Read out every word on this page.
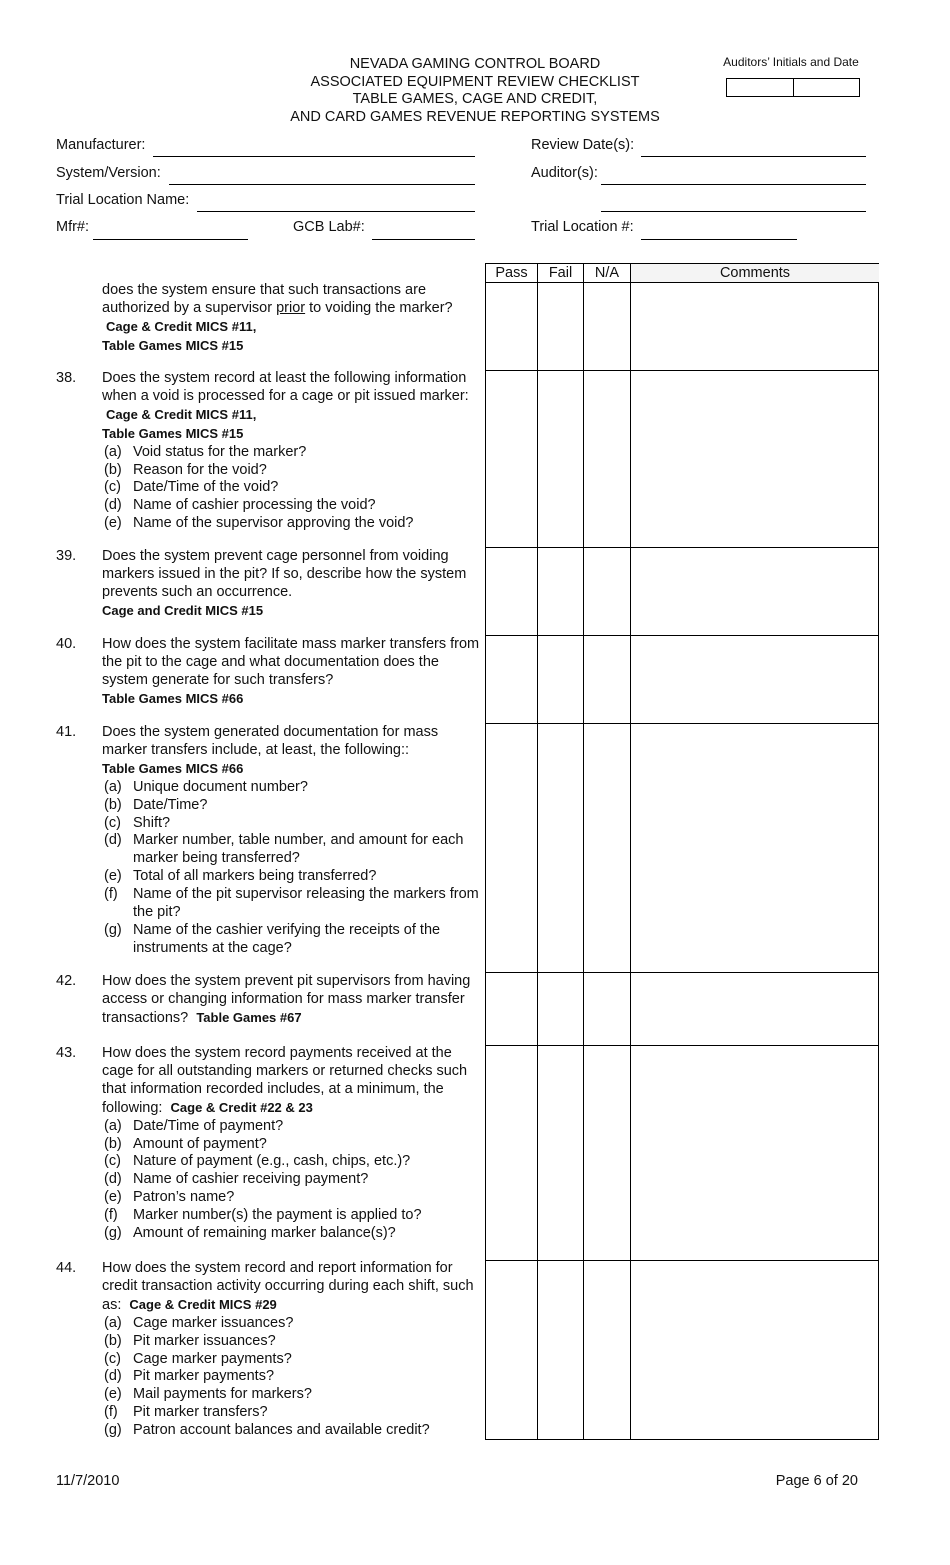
NEVADA GAMING CONTROL BOARD
ASSOCIATED EQUIPMENT REVIEW CHECKLIST
TABLE GAMES, CAGE AND CREDIT,
AND CARD GAMES REVENUE REPORTING SYSTEMS
Auditors’ Initials and Date
Manufacturer:
System/Version:
Trial Location Name:
Mfr#:	GCB Lab#:
Review Date(s):
Auditor(s):
Trial Location #:
Pass	Fail	N/A	Comments
does the system ensure that such transactions are authorized by a supervisor prior to voiding the marker?  Cage & Credit MICS #11,
Table Games MICS #15
38. Does the system record at least the following information when a void is processed for a cage or pit issued marker:  Cage & Credit MICS #11,
Table Games MICS #15
(a) Void status for the marker?
(b) Reason for the void?
(c) Date/Time of the void?
(d) Name of cashier processing the void?
(e) Name of the supervisor approving the void?
39. Does the system prevent cage personnel from voiding markers issued in the pit? If so, describe how the system prevents such an occurrence.
Cage and Credit MICS #15
40. How does the system facilitate mass marker transfers from the pit to the cage and what documentation does the system generate for such transfers?
Table Games MICS #66
41. Does the system generated documentation for mass marker transfers include, at least, the following::
Table Games MICS #66
(a) Unique document number?
(b) Date/Time?
(c) Shift?
(d) Marker number, table number, and amount for each marker being transferred?
(e) Total of all markers being transferred?
(f) Name of the pit supervisor releasing the markers from the pit?
(g) Name of the cashier verifying the receipts of the instruments at the cage?
42. How does the system prevent pit supervisors from having access or changing information for mass marker transfer transactions? Table Games #67
43. How does the system record payments received at the cage for all outstanding markers or returned checks such that information recorded includes, at a minimum, the following: Cage & Credit #22 & 23
(a) Date/Time of payment?
(b) Amount of payment?
(c) Nature of payment (e.g., cash, chips, etc.)?
(d) Name of cashier receiving payment?
(e) Patron’s name?
(f) Marker number(s) the payment is applied to?
(g) Amount of remaining marker balance(s)?
44. How does the system record and report information for credit transaction activity occurring during each shift, such as: Cage & Credit MICS #29
(a) Cage marker issuances?
(b) Pit marker issuances?
(c) Cage marker payments?
(d) Pit marker payments?
(e) Mail payments for markers?
(f) Pit marker transfers?
(g) Patron account balances and available credit?
11/7/2010	Page 6 of 20
